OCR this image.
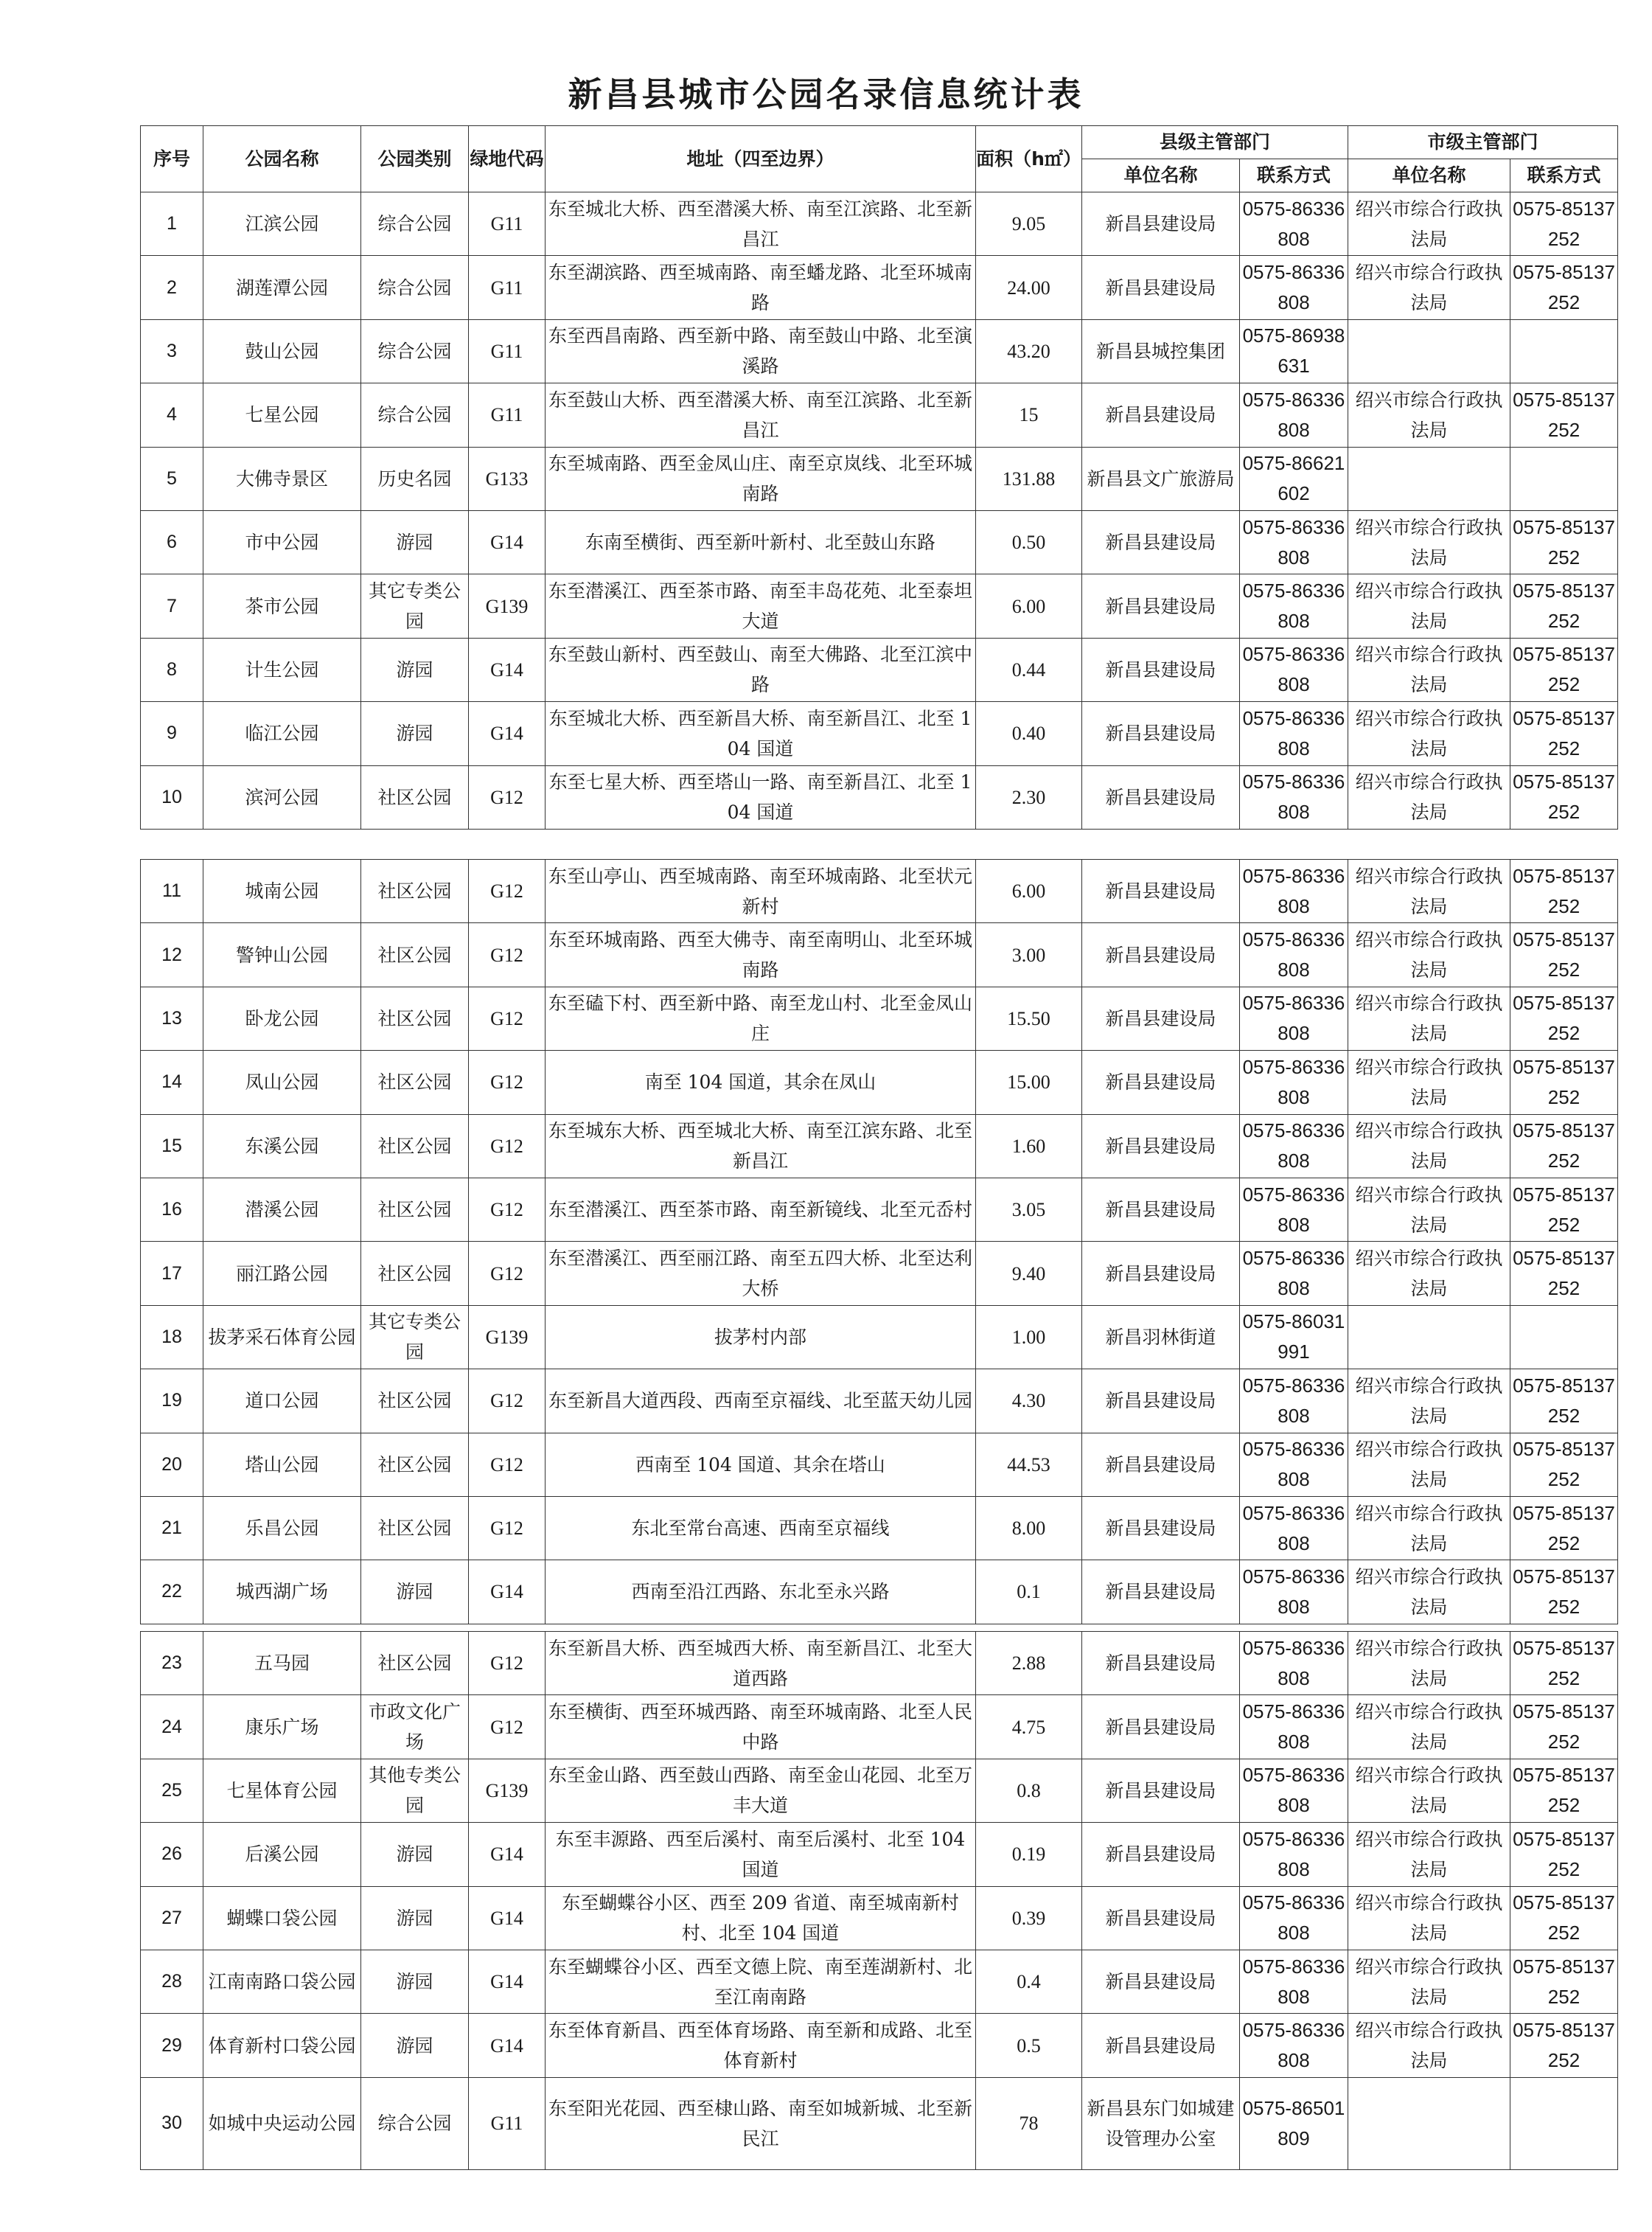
新昌县城市公园名录信息统计表
序号	公园名称	公园类别	绿地代码	地址（四至边界）	面积（h㎡）	县级主管部门		市级主管部门	
						单位名称	联系方式	单位名称	联系方式
1	江滨公园	综合公园	G11	东至城北大桥、西至潜溪大桥、南至江滨路、北至新昌江	9.05	新昌县建设局	0575-86336808	绍兴市综合行政执法局	0575-85137252
2	湖莲潭公园	综合公园	G11	东至湖滨路、西至城南路、南至蟠龙路、北至环城南路	24.00	新昌县建设局	0575-86336808	绍兴市综合行政执法局	0575-85137252
3	鼓山公园	综合公园	G11	东至西昌南路、西至新中路、南至鼓山中路、北至演溪路	43.20	新昌县城控集团	0575-86938631		
4	七星公园	综合公园	G11	东至鼓山大桥、西至潜溪大桥、南至江滨路、北至新昌江	15	新昌县建设局	0575-86336808	绍兴市综合行政执法局	0575-85137252
5	大佛寺景区	历史名园	G133	东至城南路、西至金凤山庄、南至京岚线、北至环城南路	131.88	新昌县文广旅游局	0575-86621602		
6	市中公园	游园	G14	东南至横街、西至新叶新村、北至鼓山东路	0.50	新昌县建设局	0575-86336808	绍兴市综合行政执法局	0575-85137252
7	茶市公园	其它专类公园	G139	东至潜溪江、西至茶市路、南至丰岛花苑、北至泰坦大道	6.00	新昌县建设局	0575-86336808	绍兴市综合行政执法局	0575-85137252
8	计生公园	游园	G14	东至鼓山新村、西至鼓山、南至大佛路、北至江滨中路	0.44	新昌县建设局	0575-86336808	绍兴市综合行政执法局	0575-85137252
9	临江公园	游园	G14	东至城北大桥、西至新昌大桥、南至新昌江、北至 104 国道	0.40	新昌县建设局	0575-86336808	绍兴市综合行政执法局	0575-85137252
10	滨河公园	社区公园	G12	东至七星大桥、西至塔山一路、南至新昌江、北至 104 国道	2.30	新昌县建设局	0575-86336808	绍兴市综合行政执法局	0575-85137252
11	城南公园	社区公园	G12	东至山亭山、西至城南路、南至环城南路、北至状元新村	6.00	新昌县建设局	0575-86336808	绍兴市综合行政执法局	0575-85137252
12	警钟山公园	社区公园	G12	东至环城南路、西至大佛寺、南至南明山、北至环城南路	3.00	新昌县建设局	0575-86336808	绍兴市综合行政执法局	0575-85137252
13	卧龙公园	社区公园	G12	东至磕下村、西至新中路、南至龙山村、北至金凤山庄	15.50	新昌县建设局	0575-86336808	绍兴市综合行政执法局	0575-85137252
14	凤山公园	社区公园	G12	南至 104 国道，其余在凤山	15.00	新昌县建设局	0575-86336808	绍兴市综合行政执法局	0575-85137252
15	东溪公园	社区公园	G12	东至城东大桥、西至城北大桥、南至江滨东路、北至新昌江	1.60	新昌县建设局	0575-86336808	绍兴市综合行政执法局	0575-85137252
16	潜溪公园	社区公园	G12	东至潜溪江、西至茶市路、南至新镜线、北至元岙村	3.05	新昌县建设局	0575-86336808	绍兴市综合行政执法局	0575-85137252
17	丽江路公园	社区公园	G12	东至潜溪江、西至丽江路、南至五四大桥、北至达利大桥	9.40	新昌县建设局	0575-86336808	绍兴市综合行政执法局	0575-85137252
18	拔茅采石体育公园	其它专类公园	G139	拔茅村内部	1.00	新昌羽林街道	0575-86031991		
19	道口公园	社区公园	G12	东至新昌大道西段、西南至京福线、北至蓝天幼儿园	4.30	新昌县建设局	0575-86336808	绍兴市综合行政执法局	0575-85137252
20	塔山公园	社区公园	G12	西南至 104 国道、其余在塔山	44.53	新昌县建设局	0575-86336808	绍兴市综合行政执法局	0575-85137252
21	乐昌公园	社区公园	G12	东北至常台高速、西南至京福线	8.00	新昌县建设局	0575-86336808	绍兴市综合行政执法局	0575-85137252
22	城西湖广场	游园	G14	西南至沿江西路、东北至永兴路	0.1	新昌县建设局	0575-86336808	绍兴市综合行政执法局	0575-85137252
23	五马园	社区公园	G12	东至新昌大桥、西至城西大桥、南至新昌江、北至大道西路	2.88	新昌县建设局	0575-86336808	绍兴市综合行政执法局	0575-85137252
24	康乐广场	市政文化广场	G12	东至横街、西至环城西路、南至环城南路、北至人民中路	4.75	新昌县建设局	0575-86336808	绍兴市综合行政执法局	0575-85137252
25	七星体育公园	其他专类公园	G139	东至金山路、西至鼓山西路、南至金山花园、北至万丰大道	0.8	新昌县建设局	0575-86336808	绍兴市综合行政执法局	0575-85137252
26	后溪公园	游园	G14	东至丰源路、西至后溪村、南至后溪村、北至 104 国道	0.19	新昌县建设局	0575-86336808	绍兴市综合行政执法局	0575-85137252
27	蝴蝶口袋公园	游园	G14	东至蝴蝶谷小区、西至 209 省道、南至城南新村村、北至 104 国道	0.39	新昌县建设局	0575-86336808	绍兴市综合行政执法局	0575-85137252
28	江南南路口袋公园	游园	G14	东至蝴蝶谷小区、西至文德上院、南至莲湖新村、北至江南南路	0.4	新昌县建设局	0575-86336808	绍兴市综合行政执法局	0575-85137252
29	体育新村口袋公园	游园	G14	东至体育新昌、西至体育场路、南至新和成路、北至体育新村	0.5	新昌县建设局	0575-86336808	绍兴市综合行政执法局	0575-85137252
30	如城中央运动公园	综合公园	G11	东至阳光花园、西至棣山路、南至如城新城、北至新民江	78	新昌县东门如城建设管理办公室	0575-86501809		
